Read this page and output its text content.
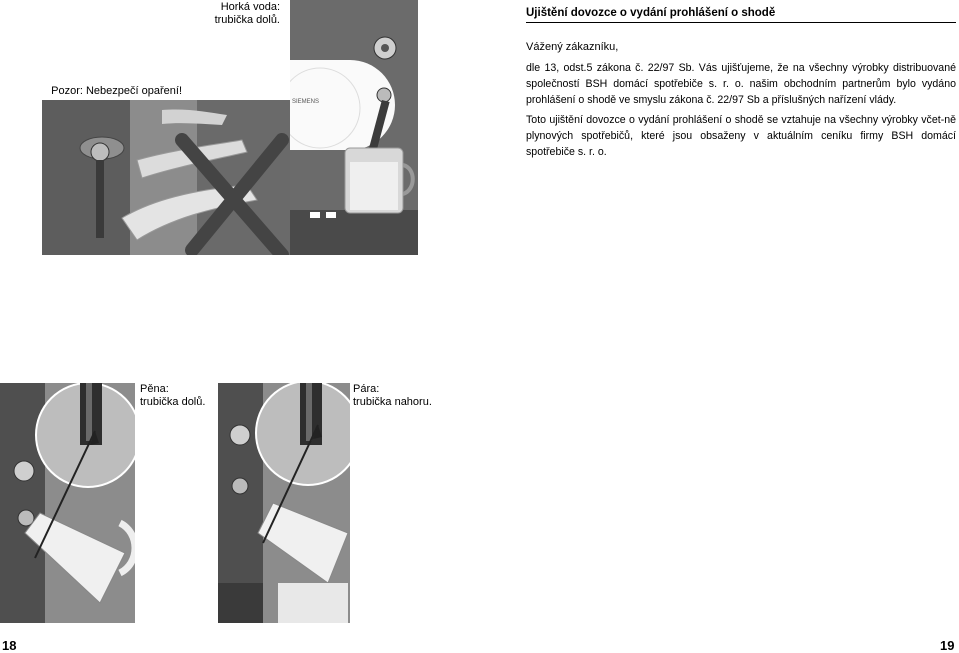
Horká voda:
trubička dolů.
Pozor: Nebezpečí opaření!
SIEMENS
Pěna:
trubička dolů.
Pára:
trubička nahoru.
18
Ujištění dovozce o vydání prohlášení o shodě
Vážený zákazníku,
dle 13, odst.5 zákona č. 22/97 Sb. Vás ujišťujeme, že na všechny výrobky distribuované společností BSH domácí spotřebiče s. r. o. našim obchodním partnerům bylo vydáno prohlášení o shodě ve smyslu zákona č. 22/97 Sb a příslušných nařízení vlády.
Toto ujištění dovozce o vydání prohlášení o shodě se vztahuje na všechny výrobky včet-ně plynových spotřebičů, které jsou obsaženy v aktuálním ceníku firmy BSH domácí spotřebiče s. r. o.
19
